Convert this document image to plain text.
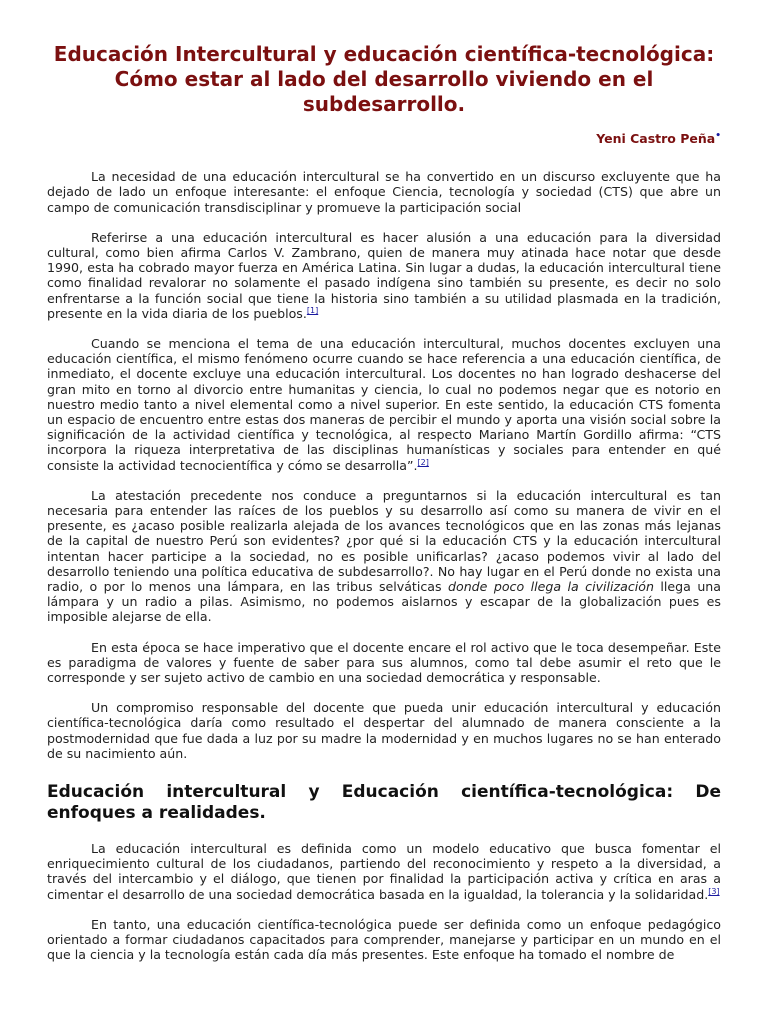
Educación Intercultural y educación científica-tecnológica: Cómo estar al lado del desarrollo viviendo en el subdesarrollo.
Yeni Castro Peña•

La necesidad de una educación intercultural se ha convertido en un discurso excluyente que ha dejado de lado un enfoque interesante: el enfoque Ciencia, tecnología y sociedad (CTS) que abre un campo de comunicación transdisciplinar y promueve la participación social

Referirse a una educación intercultural es hacer alusión a una educación para la diversidad cultural, como bien afirma Carlos V. Zambrano, quien de manera muy atinada hace notar que desde 1990, esta ha cobrado mayor fuerza en América Latina. Sin lugar a dudas, la educación intercultural tiene como finalidad revalorar no solamente el pasado indígena sino también su presente, es decir no solo enfrentarse a la función social que tiene la historia sino también a su utilidad plasmada en la tradición, presente en la vida diaria de los pueblos.[1]

Cuando se menciona el tema de una educación intercultural, muchos docentes excluyen una educación científica, el mismo fenómeno ocurre cuando se hace referencia a una educación científica, de inmediato, el docente excluye una educación intercultural. Los docentes no han logrado deshacerse del gran mito en torno al divorcio entre humanitas y ciencia, lo cual no podemos negar que es notorio en nuestro medio tanto a nivel elemental como a nivel superior. En este sentido, la educación CTS fomenta un espacio de encuentro entre estas dos maneras de percibir el mundo y aporta una visión social sobre la significación de la actividad científica y tecnológica, al respecto Mariano Martín Gordillo afirma: “CTS incorpora la riqueza interpretativa de las disciplinas humanísticas y sociales para entender en qué consiste la actividad tecnocientífica y cómo se desarrolla”.[2]

La atestación precedente nos conduce a preguntarnos si la educación intercultural es tan necesaria para entender las raíces de los pueblos y su desarrollo así como su manera de vivir en el presente, es ¿acaso posible realizarla alejada de los avances tecnológicos que en las zonas más lejanas de la capital de nuestro Perú son evidentes? ¿por qué si la educación CTS y la educación intercultural intentan hacer participe a la sociedad, no es posible unificarlas? ¿acaso podemos vivir al lado del desarrollo teniendo una política educativa de subdesarrollo?. No hay lugar en el Perú donde no exista una radio, o por lo menos una lámpara, en las tribus selváticas donde poco llega la civilización llega una lámpara y un radio a pilas. Asimismo, no podemos aislarnos y escapar de la globalización pues es imposible alejarse de ella.

En esta época se hace imperativo que el docente encare el rol activo que le toca desempeñar. Este es paradigma de valores y fuente de saber para sus alumnos, como tal debe asumir el reto que le corresponde y ser sujeto activo de cambio en una sociedad democrática y responsable.

Un compromiso responsable del docente que pueda unir educación intercultural y educación científica-tecnológica daría como resultado el despertar del alumnado de manera consciente a la postmodernidad que fue dada a luz por su madre la modernidad y en muchos lugares no se han enterado de su nacimiento aún.

Educación intercultural y Educación científica-tecnológica: De enfoques a realidades.

La educación intercultural es definida como un modelo educativo que busca fomentar el enriquecimiento cultural de los ciudadanos, partiendo del reconocimiento y respeto a la diversidad, a través del intercambio y el diálogo, que tienen por finalidad la participación activa y crítica en aras a cimentar el desarrollo de una sociedad democrática basada en la igualdad, la tolerancia y la solidaridad.[3]

En tanto, una educación científica-tecnológica puede ser definida como un enfoque pedagógico orientado a formar ciudadanos capacitados para comprender, manejarse y participar en un mundo en el que la ciencia y la tecnología están cada día más presentes. Este enfoque ha tomado el nombre de
